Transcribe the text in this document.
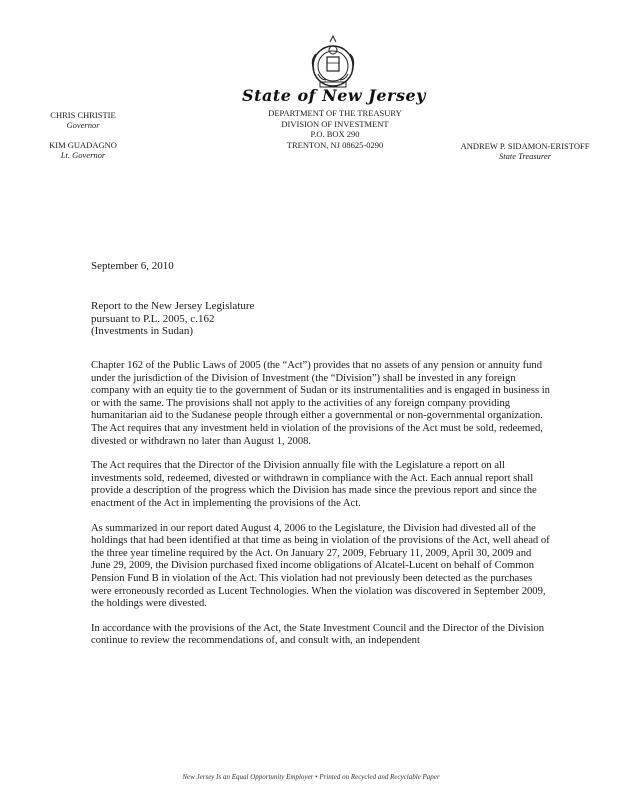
State of New Jersey
CHRIS CHRISTIE
Governor
KIM GUADAGNO
Lt. Governor
DEPARTMENT OF THE TREASURY
DIVISION OF INVESTMENT
P.O. BOX 290
TRENTON, NJ 08625-0290	ANDREW P. SIDAMON-ERISTOFF
State Treasurer
September 6, 2010
Report to the New Jersey Legislature
pursuant to P.L. 2005, c.162
(Investments in Sudan)

Chapter 162 of the Public Laws of 2005 (the “Act”) provides that no assets of any pension or annuity fund under the jurisdiction of the Division of Investment (the “Division”) shall be invested in any foreign company with an equity tie to the government of Sudan or its instrumentalities and is engaged in business in or with the same. The provisions shall not apply to the activities of any foreign company providing humanitarian aid to the Sudanese people through either a governmental or non-governmental organization. The Act requires that any investment held in violation of the provisions of the Act must be sold, redeemed, divested or withdrawn no later than August 1, 2008.

The Act requires that the Director of the Division annually file with the Legislature a report on all investments sold, redeemed, divested or withdrawn in compliance with the Act. Each annual report shall provide a description of the progress which the Division has made since the previous report and since the enactment of the Act in implementing the provisions of the Act.

As summarized in our report dated August 4, 2006 to the Legislature, the Division had divested all of the holdings that had been identified at that time as being in violation of the provisions of the Act, well ahead of the three year timeline required by the Act. On January 27, 2009, February 11, 2009, April 30, 2009 and June 29, 2009, the Division purchased fixed income obligations of Alcatel-Lucent on behalf of Common Pension Fund B in violation of the Act. This violation had not previously been detected as the purchases were erroneously recorded as Lucent Technologies. When the violation was discovered in September 2009, the holdings were divested.

In accordance with the provisions of the Act, the State Investment Council and the Director of the Division continue to review the recommendations of, and consult with, an independent

New Jersey Is an Equal Opportunity Employer • Printed on Recycled and Recyclable Paper
